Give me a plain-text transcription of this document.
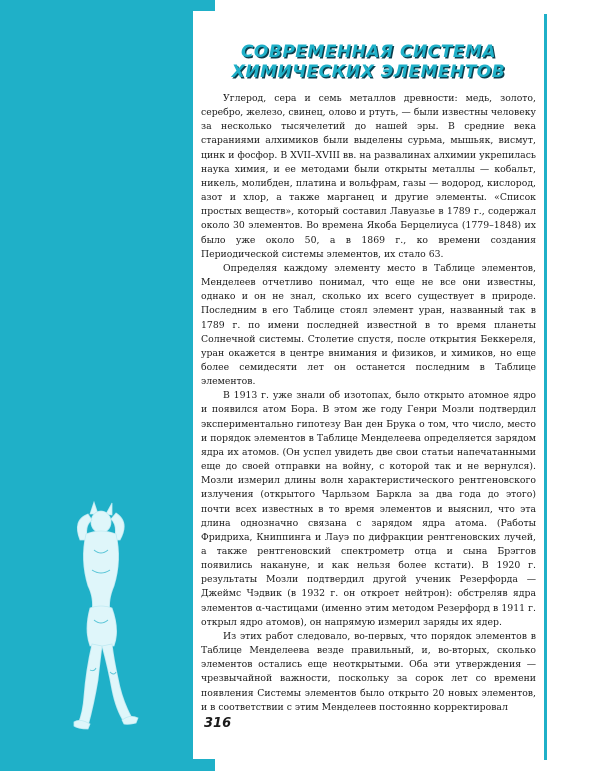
СОВРЕМЕННАЯ СИСТЕМА
ХИМИЧЕСКИХ ЭЛЕМЕНТОВ

Углерод, сера и семь металлов древности: медь, золото, серебро, железо, свинец, олово и ртуть, — были известны человеку за несколько тысячелетий до нашей эры. В средние века стараниями алхимиков были выделены сурьма, мышьяк, висмут, цинк и фосфор. В XVII–XVIII вв. на развалинах алхимии укрепилась наука химия, и ее методами были открыты металлы — кобальт, никель, молибден, платина и вольфрам, газы — водород, кислород, азот и хлор, а также марганец и другие элементы. «Список простых веществ», который составил Лавуазье в 1789 г., содержал около 30 элементов. Во времена Якоба Берцелиуса (1779–1848) их было уже около 50, а в 1869 г., ко времени создания Периодической системы элементов, их стало 63.

Определяя каждому элементу место в Таблице элементов, Менделеев отчетливо понимал, что еще не все они известны, однако и он не знал, сколько их всего существует в природе. Последним в его Таблице стоял элемент уран, названный так в 1789 г. по имени последней известной в то время планеты Солнечной системы. Столетие спустя, после открытия Беккереля, уран окажется в центре внимания и физиков, и химиков, но еще более семидесяти лет он останется последним в Таблице элементов.

В 1913 г. уже знали об изотопах, было открыто атомное ядро и появился атом Бора. В этом же году Генри Мозли подтвердил экспериментально гипотезу Ван ден Брука о том, что число, место и порядок элементов в Таблице Менделеева определяется зарядом ядра их атомов. (Он успел увидеть две свои статьи напечатанными еще до своей отправки на войну, с которой так и не вернулся). Мозли измерил длины волн характеристического рентгеновского излучения (открытого Чарльзом Баркла за два года до этого) почти всех известных в то время элементов и выяснил, что эта длина однозначно связана с зарядом ядра атома. (Работы Фридриха, Книппинга и Лауэ по дифракции рентгеновских лучей, а также рентгеновский спектрометр отца и сына Брэггов появились накануне, и как нельзя более кстати). В 1920 г. результаты Мозли подтвердил другой ученик Резерфорда — Джеймс Чэдвик (в 1932 г. он откроет нейтрон): обстреляв ядра элементов α-частицами (именно этим методом Резерфорд в 1911 г. открыл ядро атомов), он напрямую измерил заряды их ядер.

Из этих работ следовало, во-первых, что порядок элементов в Таблице Менделеева везде правильный, и, во-вторых, сколько элементов остались еще неоткрытыми. Оба эти утверждения — чрезвычайной важности, поскольку за сорок лет со времени появления Системы элементов было открыто 20 новых элементов, и в соответствии с этим Менделеев постоянно корректировал

316
